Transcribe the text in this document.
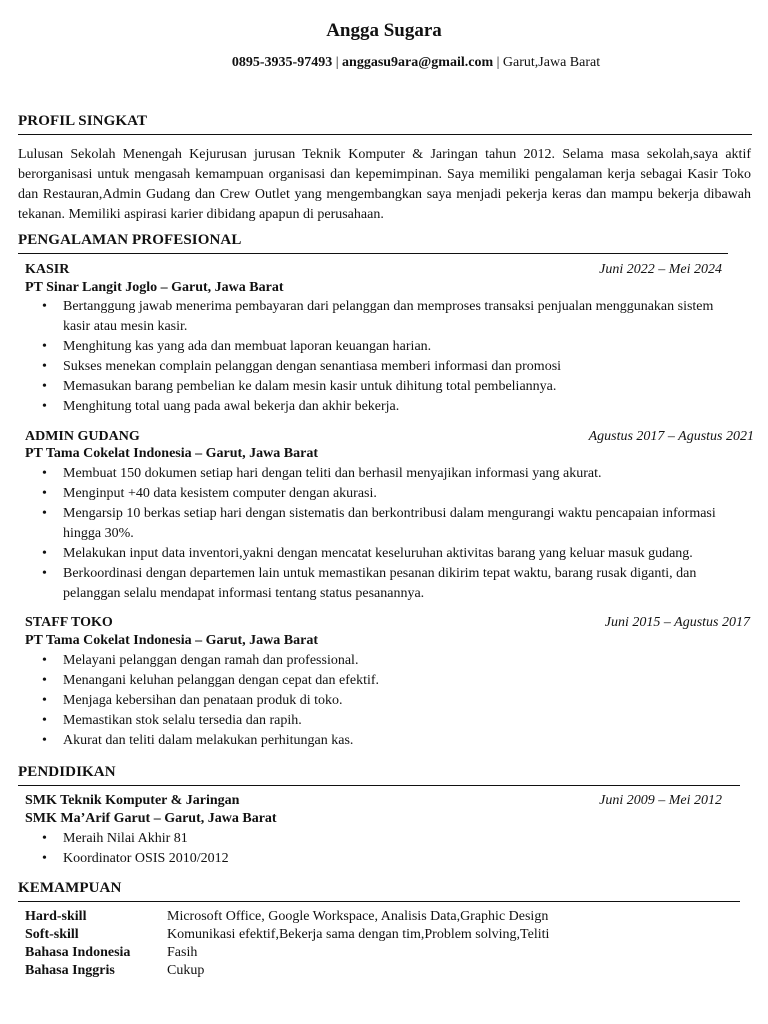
Angga Sugara
0895-3935-97493 | anggasu9ara@gmail.com | Garut,Jawa Barat
PROFIL SINGKAT
Lulusan Sekolah Menengah Kejurusan jurusan Teknik Komputer & Jaringan tahun 2012. Selama masa sekolah,saya aktif berorganisasi untuk mengasah kemampuan organisasi dan kepemimpinan. Saya memiliki pengalaman kerja sebagai Kasir Toko dan Restauran,Admin Gudang dan Crew Outlet yang mengembangkan saya menjadi pekerja keras dan mampu bekerja dibawah tekanan. Memiliki aspirasi karier dibidang apapun di perusahaan.
PENGALAMAN PROFESIONAL
KASIR	Juni 2022 – Mei 2024
PT Sinar Langit Joglo – Garut, Jawa Barat
• Bertanggung jawab menerima pembayaran dari pelanggan dan memproses transaksi penjualan menggunakan sistem kasir atau mesin kasir.
• Menghitung kas yang ada dan membuat laporan keuangan harian.
• Sukses menekan complain pelanggan dengan senantiasa memberi informasi dan promosi
• Memasukan barang pembelian ke dalam mesin kasir untuk dihitung total pembeliannya.
• Menghitung total uang pada awal bekerja dan akhir bekerja.
ADMIN GUDANG	Agustus 2017 – Agustus 2021
PT Tama Cokelat Indonesia – Garut, Jawa Barat
• Membuat 150 dokumen setiap hari dengan teliti dan berhasil menyajikan informasi yang akurat.
• Menginput +40 data kesistem computer dengan akurasi.
• Mengarsip 10 berkas setiap hari dengan sistematis dan berkontribusi dalam mengurangi waktu pencapaian informasi hingga 30%.
• Melakukan input data inventori,yakni dengan mencatat keseluruhan aktivitas barang yang keluar masuk gudang.
• Berkoordinasi dengan departemen lain untuk memastikan pesanan dikirim tepat waktu, barang rusak diganti, dan pelanggan selalu mendapat informasi tentang status pesanannya.
STAFF TOKO	Juni 2015 – Agustus 2017
PT Tama Cokelat Indonesia – Garut, Jawa Barat
• Melayani pelanggan dengan ramah dan professional.
• Menangani keluhan pelanggan dengan cepat dan efektif.
• Menjaga kebersihan dan penataan produk di toko.
• Memastikan stok selalu tersedia dan rapih.
• Akurat dan teliti dalam melakukan perhitungan kas.
PENDIDIKAN
SMK Teknik Komputer & Jaringan	Juni 2009 – Mei 2012
SMK Ma’Arif Garut – Garut, Jawa Barat
• Meraih Nilai Akhir 81
• Koordinator OSIS 2010/2012
KEMAMPUAN
Hard-skill	Microsoft Office, Google Workspace, Analisis Data,Graphic Design
Soft-skill	Komunikasi efektif,Bekerja sama dengan tim,Problem solving,Teliti
Bahasa Indonesia	Fasih
Bahasa Inggris	Cukup
